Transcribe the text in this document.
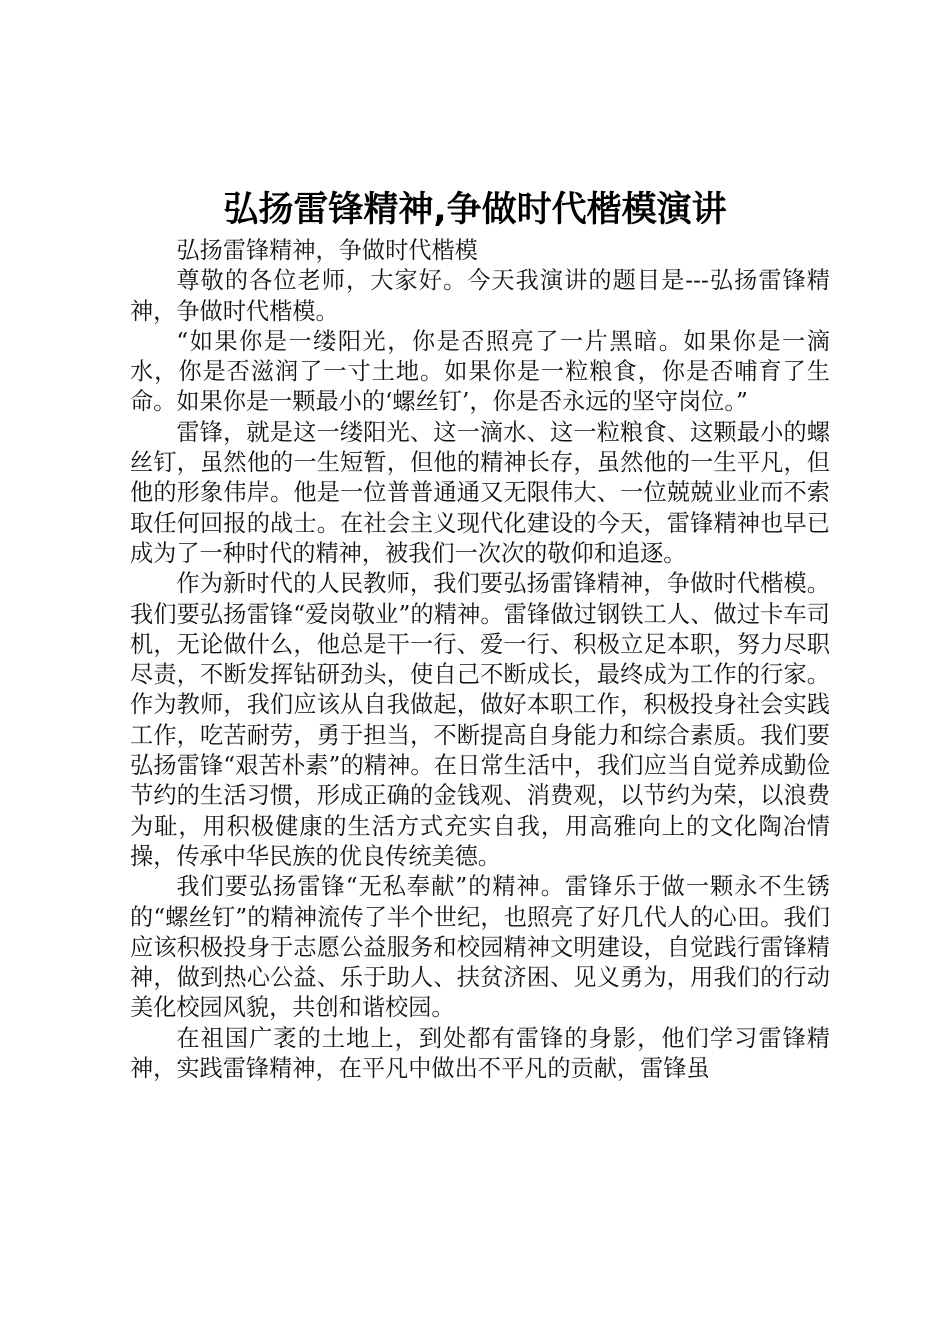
弘扬雷锋精神,争做时代楷模演讲

弘扬雷锋精神，争做时代楷模

尊敬的各位老师，大家好。今天我演讲的题目是---弘扬雷锋精神，争做时代楷模。

“如果你是一缕阳光，你是否照亮了一片黑暗。如果你是一滴水，你是否滋润了一寸土地。如果你是一粒粮食，你是否哺育了生命。如果你是一颗最小的‘螺丝钉’，你是否永远的坚守岗位。”

雷锋，就是这一缕阳光、这一滴水、这一粒粮食、这颗最小的螺丝钉，虽然他的一生短暂，但他的精神长存，虽然他的一生平凡，但他的形象伟岸。他是一位普普通通又无限伟大、一位兢兢业业而不索取任何回报的战士。在社会主义现代化建设的今天，雷锋精神也早已成为了一种时代的精神，被我们一次次的敬仰和追逐。

作为新时代的人民教师，我们要弘扬雷锋精神，争做时代楷模。我们要弘扬雷锋“爱岗敬业”的精神。雷锋做过钢铁工人、做过卡车司机，无论做什么，他总是干一行、爱一行、积极立足本职，努力尽职尽责，不断发挥钻研劲头，使自己不断成长，最终成为工作的行家。作为教师，我们应该从自我做起，做好本职工作，积极投身社会实践工作，吃苦耐劳，勇于担当，不断提高自身能力和综合素质。我们要弘扬雷锋“艰苦朴素”的精神。在日常生活中，我们应当自觉养成勤俭节约的生活习惯，形成正确的金钱观、消费观，以节约为荣，以浪费为耻，用积极健康的生活方式充实自我，用高雅向上的文化陶冶情操，传承中华民族的优良传统美德。

我们要弘扬雷锋“无私奉献”的精神。雷锋乐于做一颗永不生锈的“螺丝钉”的精神流传了半个世纪，也照亮了好几代人的心田。我们应该积极投身于志愿公益服务和校园精神文明建设，自觉践行雷锋精神，做到热心公益、乐于助人、扶贫济困、见义勇为，用我们的行动美化校园风貌，共创和谐校园。

在祖国广袤的土地上，到处都有雷锋的身影，他们学习雷锋精神，实践雷锋精神，在平凡中做出不平凡的贡献，雷锋虽
